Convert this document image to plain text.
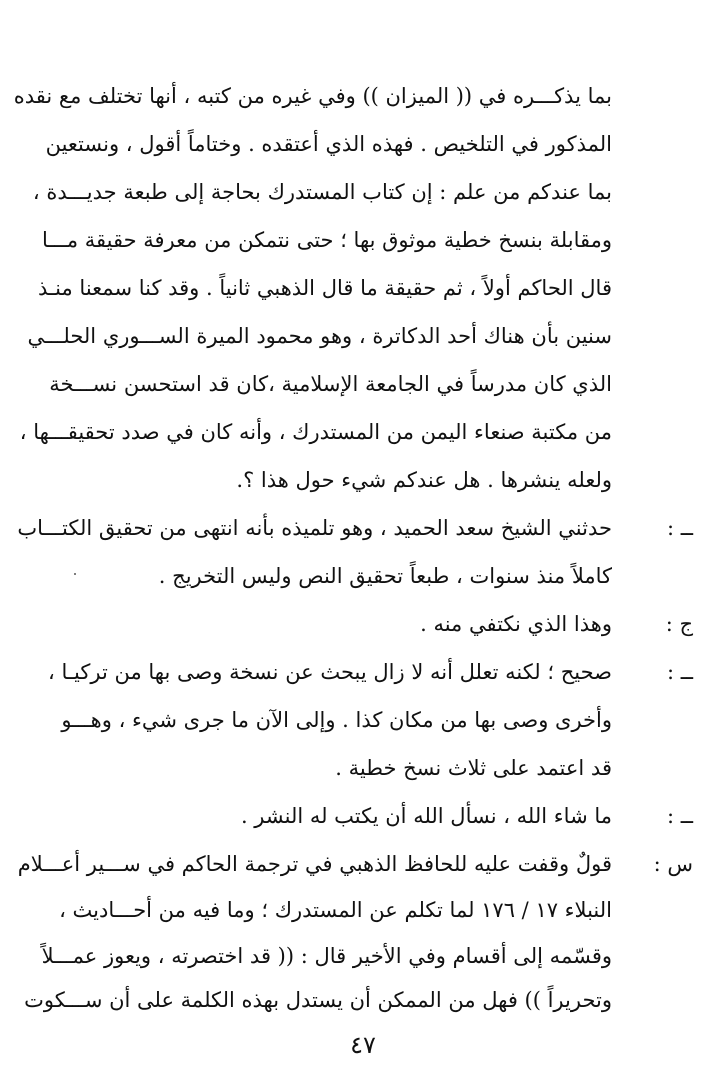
بما يذكـــره في (( الميزان )) وفي غيره من كتبه ، أنها تختلف مع نقده
المذكور في التلخيص . فهذه الذي أعتقده . وختاماً أقول ، ونستعين
بما عندكم من علم : إن كتاب المستدرك بحاجة إلى طبعة جديـــدة ،
ومقابلة بنسخ خطية موثوق بها ؛ حتى نتمكن من معرفة حقيقة مـــا
قال الحاكم أولاً ، ثم حقيقة ما قال الذهبي ثانياً . وقد كنا سمعنا منـذ
سنين بأن هناك أحد الدكاترة ، وهو محمود الميرة الســـوري الحلـــي
الذي كان مدرساً في الجامعة الإسلامية ،كان قد استحسن نســـخة
من مكتبة صنعاء اليمن من المستدرك ، وأنه كان في صدد تحقيقـــها ،
ولعله ينشرها . هل عندكم شيء حول هذا ؟.
ــ :
حدثني الشيخ سعد الحميد ، وهو تلميذه بأنه انتهى من تحقيق الكتـــاب
كاملاً منذ سنوات ، طبعاً تحقيق النص وليس التخريج .
ج :
وهذا الذي نكتفي منه .
ــ :
صحيح ؛ لكنه تعلل أنه لا زال يبحث عن نسخة وصى بها من تركيـا ،
وأخرى وصى بها من مكان كذا . وإلى الآن ما جرى شيء ، وهـــو
قد اعتمد على ثلاث نسخ خطية .
ــ :
ما شاء الله ، نسأل الله أن يكتب له النشر .
س :
قولٌ وقفت عليه للحافظ الذهبي في ترجمة الحاكم في ســـير أعـــلام
النبلاء ١٧ / ١٧٦ لما تكلم عن المستدرك ؛ وما فيه من أحـــاديث ،
وقسّمه إلى أقسام وفي الأخير قال : (( قد اختصرته ، ويعوز عمـــلاً
وتحريراً )) فهل من الممكن أن يستدل بهذه الكلمة على أن ســـكوت
٤٧
